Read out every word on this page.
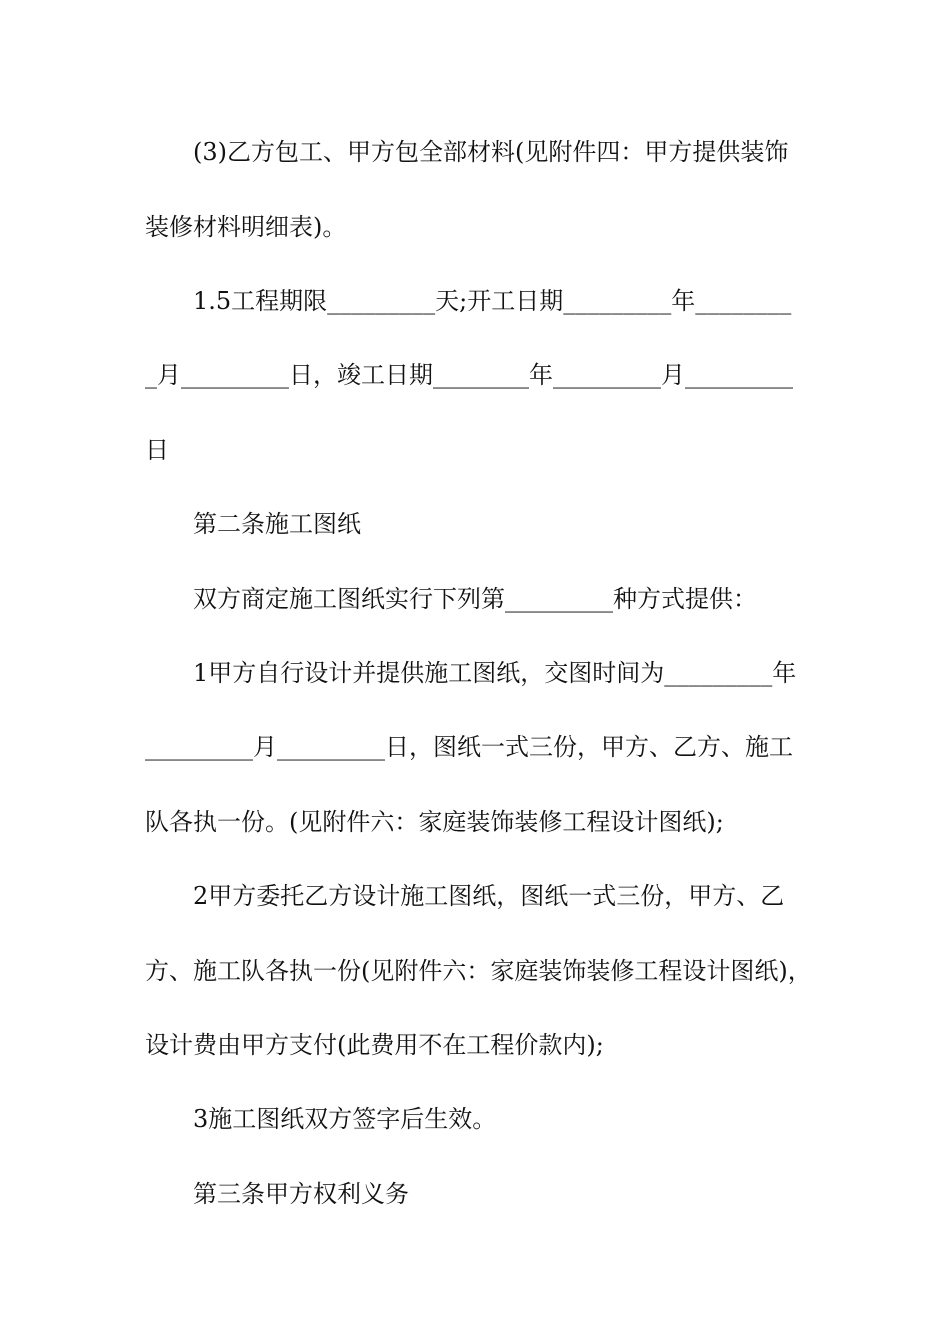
(3)乙方包工、甲方包全部材料(见附件四：甲方提供装饰
装修材料明细表)。
1.5工程期限_________天;开工日期_________年________
_月_________日，竣工日期________年_________月_________
日
第二条施工图纸
双方商定施工图纸实行下列第_________种方式提供：
1甲方自行设计并提供施工图纸，交图时间为_________年
_________月_________日，图纸一式三份，甲方、乙方、施工
队各执一份。(见附件六：家庭装饰装修工程设计图纸);
2甲方委托乙方设计施工图纸，图纸一式三份，甲方、乙
方、施工队各执一份(见附件六：家庭装饰装修工程设计图纸)，
设计费由甲方支付(此费用不在工程价款内);
3施工图纸双方签字后生效。
第三条甲方权利义务
